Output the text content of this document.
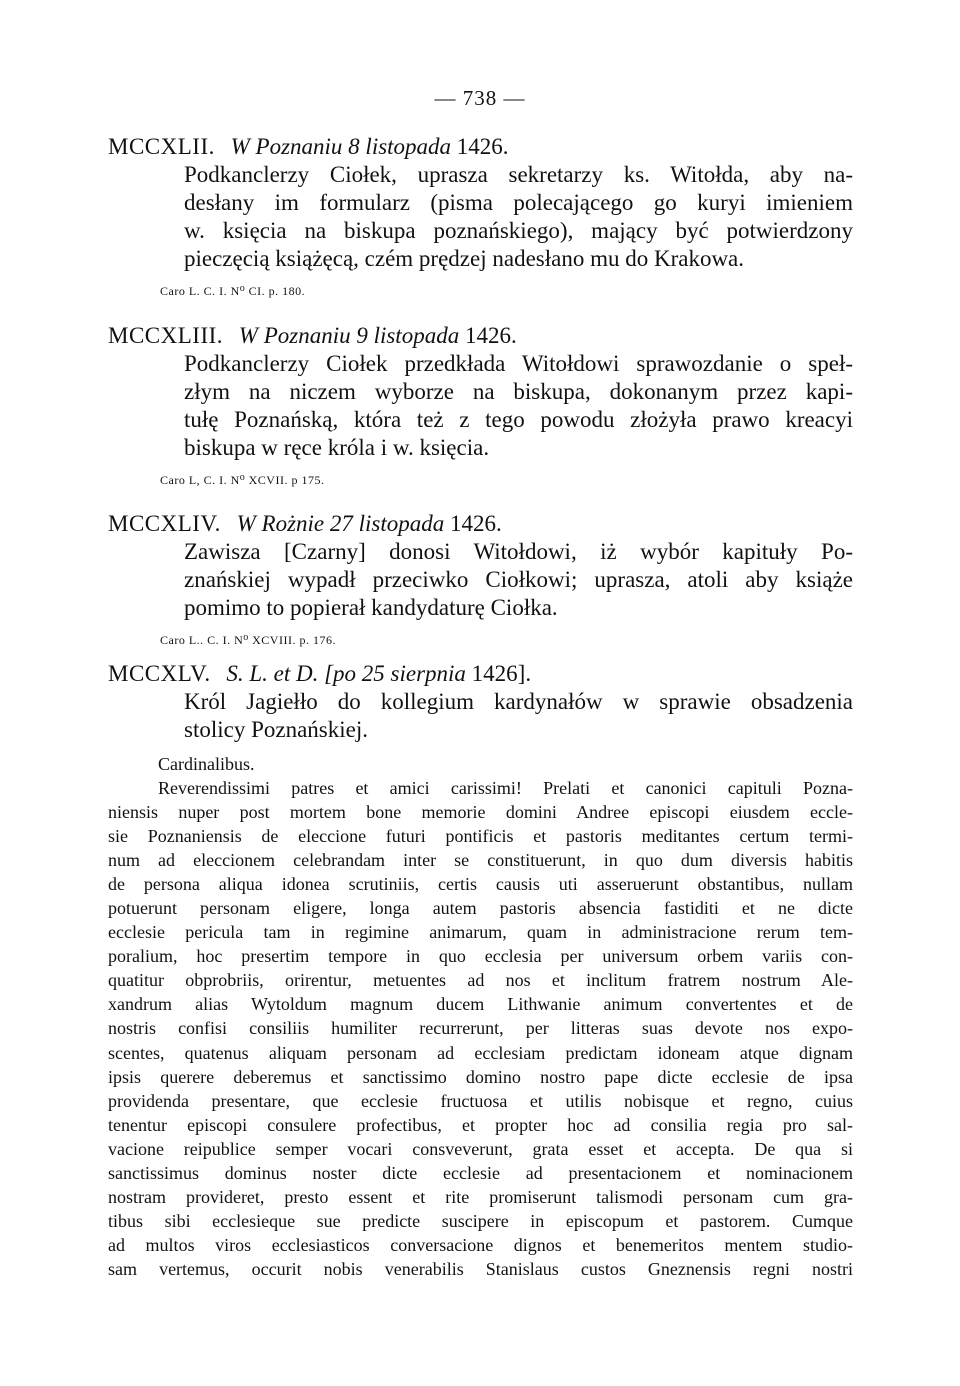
— 738 —
MCCXLII. W Poznaniu 8 listopada 1426.
Podkanclerzy Ciołek, uprasza sekretarzy ks. Witołda, aby na-
desłany im formularz (pisma polecającego go kuryi imieniem
w. księcia na biskupa poznańskiego), mający być potwierdzony
pieczęcią książęcą, czém prędzej nadesłano mu do Krakowa.
Caro L. C. I. N⁰ CI. p. 180.
MCCXLIII. W Poznaniu 9 listopada 1426.
Podkanclerzy Ciołek przedkłada Witołdowi sprawozdanie o speł-
złym na niczem wyborze na biskupa, dokonanym przez kapi-
tułę Poznańską, która też z tego powodu złożyła prawo kreacyi
biskupa w ręce króla i w. księcia.
Caro L, C. I. N⁰ XCVII. p 175.
MCCXLIV. W Rożnie 27 listopada 1426.
Zawisza [Czarny] donosi Witołdowi, iż wybór kapituły Po-
znańskiej wypadł przeciwko Ciołkowi; uprasza, atoli aby książe
pomimo to popierał kandydaturę Ciołka.
Caro L.. C. I. N⁰ XCVIII. p. 176.
MCCXLV. S. L. et D. [po 25 sierpnia 1426].
Król Jagiełło do kollegium kardynałów w sprawie obsadzenia
stolicy Poznańskiej.
Cardinalibus.
Reverendissimi patres et amici carissimi! Prelati et canonici capituli Pozna-
niensis nuper post mortem bone memorie domini Andree episcopi eiusdem eccle-
sie Poznaniensis de eleccione futuri pontificis et pastoris meditantes certum termi-
num ad eleccionem celebrandam inter se constituerunt, in quo dum diversis habitis
de persona aliqua idonea scrutiniis, certis causis uti asseruerunt obstantibus, nullam
potuerunt personam eligere, longa autem pastoris absencia fastiditi et ne dicte
ecclesie pericula tam in regimine animarum, quam in administracione rerum tem-
poralium, hoc presertim tempore in quo ecclesia per universum orbem variis con-
quatitur obprobriis, orirentur, metuentes ad nos et inclitum fratrem nostrum Ale-
xandrum alias Wytoldum magnum ducem Lithwanie animum convertentes et de
nostris confisi consiliis humiliter recurrerunt, per litteras suas devote nos expo-
scentes, quatenus aliquam personam ad ecclesiam predictam idoneam atque dignam
ipsis querere deberemus et sanctissimo domino nostro pape dicte ecclesie de ipsa
providenda presentare, que ecclesie fructuosa et utilis nobisque et regno, cuius
tenentur episcopi consulere profectibus, et propter hoc ad consilia regia pro sal-
vacione reipublice semper vocari consveverunt, grata esset et accepta. De qua si
sanctissimus dominus noster dicte ecclesie ad presentacionem et nominacionem
nostram provideret, presto essent et rite promiserunt talismodi personam cum gra-
tibus sibi ecclesieque sue predicte suscipere in episcopum et pastorem. Cumque
ad multos viros ecclesiasticos conversacione dignos et benemeritos mentem studio-
sam vertemus, occurit nobis venerabilis Stanislaus custos Gneznensis regni nostri
